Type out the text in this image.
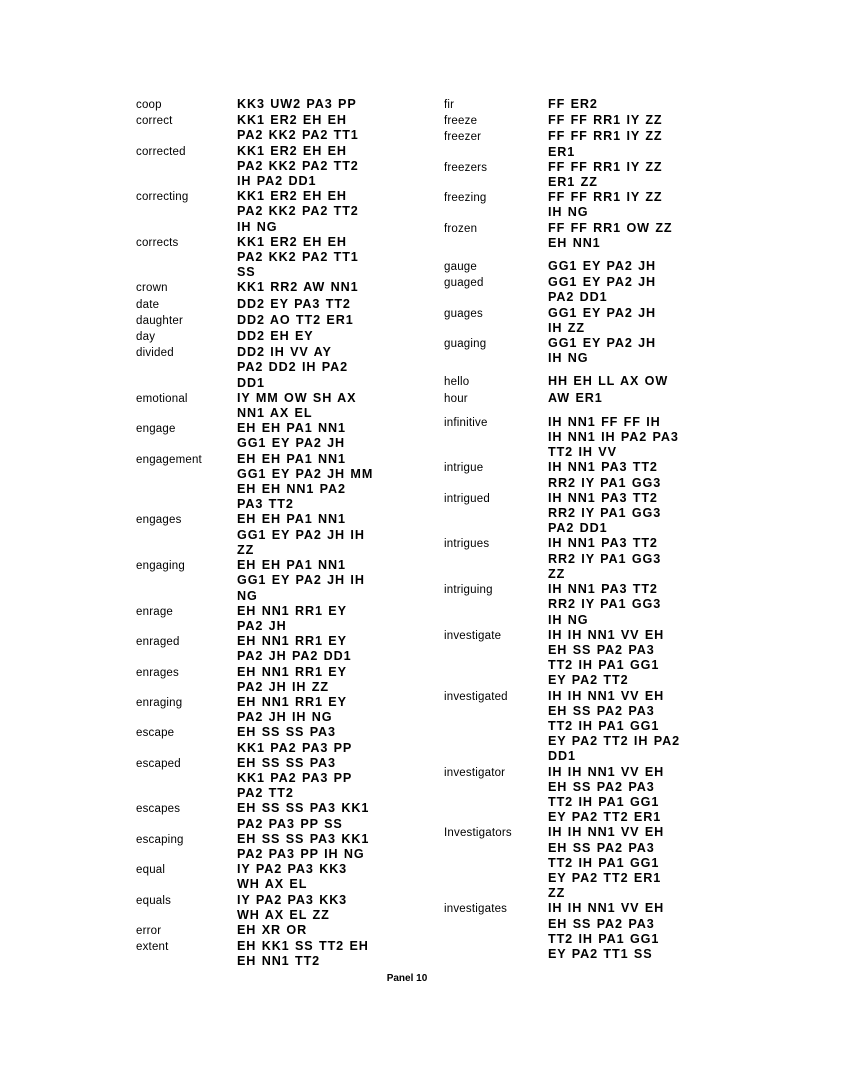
coop	KK3 UW2 PA3 PP
correct	KK1 ER2 EH EH
PA2 KK2 PA2 TT1
corrected	KK1 ER2 EH EH
PA2 KK2 PA2 TT2
IH PA2 DD1
correcting	KK1 ER2 EH EH
PA2 KK2 PA2 TT2
IH NG
corrects	KK1 ER2 EH EH
PA2 KK2 PA2 TT1
SS
crown	KK1 RR2 AW NN1
date	DD2 EY PA3 TT2
daughter	DD2 AO TT2 ER1
day	DD2 EH EY
divided	DD2 IH VV AY
PA2 DD2 IH PA2
DD1
emotional	IY MM OW SH AX
NN1 AX EL
engage	EH EH PA1 NN1
GG1 EY PA2 JH
engagement	EH EH PA1 NN1
GG1 EY PA2 JH MM
EH EH NN1 PA2
PA3 TT2
engages	EH EH PA1 NN1
GG1 EY PA2 JH IH
ZZ
engaging	EH EH PA1 NN1
GG1 EY PA2 JH IH
NG
enrage	EH NN1 RR1 EY
PA2 JH
enraged	EH NN1 RR1 EY
PA2 JH PA2 DD1
enrages	EH NN1 RR1 EY
PA2 JH IH ZZ
enraging	EH NN1 RR1 EY
PA2 JH IH NG
escape	EH SS SS PA3
KK1 PA2 PA3 PP
escaped	EH SS SS PA3
KK1 PA2 PA3 PP
PA2 TT2
escapes	EH SS SS PA3 KK1
PA2 PA3 PP SS
escaping	EH SS SS PA3 KK1
PA2 PA3 PP IH NG
equal	IY PA2 PA3 KK3
WH AX EL
equals	IY PA2 PA3 KK3
WH AX EL ZZ
error	EH XR OR
extent	EH KK1 SS TT2 EH
EH NN1 TT2
fir	FF ER2
freeze	FF FF RR1 IY ZZ
freezer	FF FF RR1 IY ZZ
ER1
freezers	FF FF RR1 IY ZZ
ER1 ZZ
freezing	FF FF RR1 IY ZZ
IH NG
frozen	FF FF RR1 OW ZZ
EH NN1
gauge	GG1 EY PA2 JH
guaged	GG1 EY PA2 JH
PA2 DD1
guages	GG1 EY PA2 JH
IH ZZ
guaging	GG1 EY PA2 JH
IH NG
hello	HH EH LL AX OW
hour	AW ER1
infinitive	IH NN1 FF FF IH
IH NN1 IH PA2 PA3
TT2 IH VV
intrigue	IH NN1 PA3 TT2
RR2 IY PA1 GG3
intrigued	IH NN1 PA3 TT2
RR2 IY PA1 GG3
PA2 DD1
intrigues	IH NN1 PA3 TT2
RR2 IY PA1 GG3
ZZ
intriguing	IH NN1 PA3 TT2
RR2 IY PA1 GG3
IH NG
investigate	IH IH NN1 VV EH
EH SS PA2 PA3
TT2 IH PA1 GG1
EY PA2 TT2
investigated	IH IH NN1 VV EH
EH SS PA2 PA3
TT2 IH PA1 GG1
EY PA2 TT2 IH PA2
DD1
investigator	IH IH NN1 VV EH
EH SS PA2 PA3
TT2 IH PA1 GG1
EY PA2 TT2 ER1
Investigators	IH IH NN1 VV EH
EH SS PA2 PA3
TT2 IH PA1 GG1
EY PA2 TT2 ER1
ZZ
investigates	IH IH NN1 VV EH
EH SS PA2 PA3
TT2 IH PA1 GG1
EY PA2 TT1 SS
Panel 10
